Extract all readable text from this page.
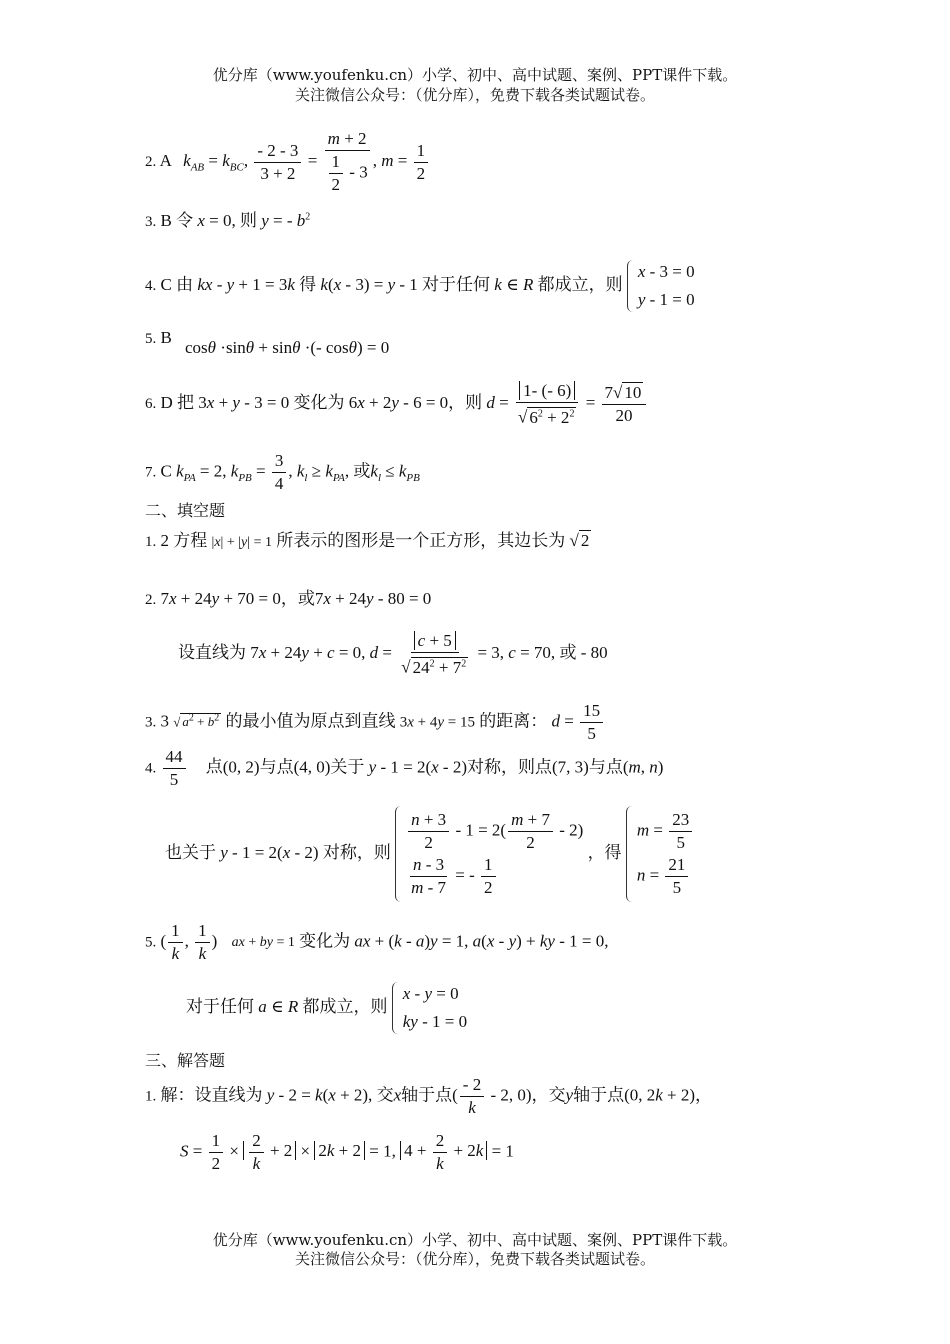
优分库（www.youfenku.cn）小学、初中、高中试题、案例、PPT课件下载。
关注微信公众号：（优分库），免费下载各类试题试卷。
2. A $k_{AB} = k_{BC}$, $\frac{- 2 - 3}{3 + 2} = \frac{m + 2}{\frac{1}{2} - 3}$ , $m = \frac{1}{2}$
3. B 令 x = 0, 则 y = - $b^2$
4. C 由 kx - y + 1 = 3k 得 k(x - 3) = y - 1 对于任何 k ∈ R 都成立，则
x - 3 = 0
y - 1 = 0
5. B
cosθ ·sinθ + sinθ ·(- cosθ) = 0
6. D 把 3x + y - 3 = 0 变化为 6x + 2y - 6 = 0，则 $d = \frac{1- (- 6)}{√ 6^2 + 2^2} = \frac{7√ 10}{20}$
7. C $k_{PA} = 2$, $k_{PB} = \frac{3}{4}$ , $k_l \ge k_{PA}$, 或$k_l \le k_{PB}$
二、填空题
1. 2 方程 |x| + |y| = 1 所表示的图形是一个正方形，其边长为 √ 2
2. 7x + 24y + 70 = 0，或7x + 24y - 80 = 0
设直线为 7x + 24y + c = 0, $d = \frac{c + 5}{√ 24^2 + 7^2} = 3$, c = 70, 或 - 80
3. 3 √ $a^2 + b^2$ 的最小值为原点到直线 3x + 4y = 15 的距离： $d = \frac{15}{5}$
4. $\frac{44}{5}$ 点(0, 2)与点(4, 0)关于 y - 1 = 2(x - 2)对称，则点(7, 3)与点(m, n)
也关于 y - 1 = 2(x - 2) 对称，则 $\frac{n + 3}{2} - 1 = 2( \frac{m + 7}{2} - 2)$
$\frac{n - 3}{m - 7}$ = - $\frac{1}{2}$
，得
$m = \frac{23}{5}$
$n = \frac{21}{5}$
5. ( $\frac{1}{k}$ , $\frac{1}{k}$ ) ax + by = 1 变化为 ax + (k - a)y = 1, a(x - y) + ky - 1 = 0,
对于任何 a ∈ R 都成立，则
x - y = 0
ky - 1 = 0
三、解答题
1. 解：设直线为 y - 2 = k(x + 2), 交x轴于点( $\frac{- 2}{k} - 2$, 0)，交y轴于点(0, 2k + 2)，
$S = \frac{1}{2} \times \frac{2}{k} + 2 \times 2k + 2 = 1$, $4 + \frac{2}{k} + 2k = 1$
优分库（www.youfenku.cn）小学、初中、高中试题、案例、PPT课件下载。
关注微信公众号：（优分库），免费下载各类试题试卷。
